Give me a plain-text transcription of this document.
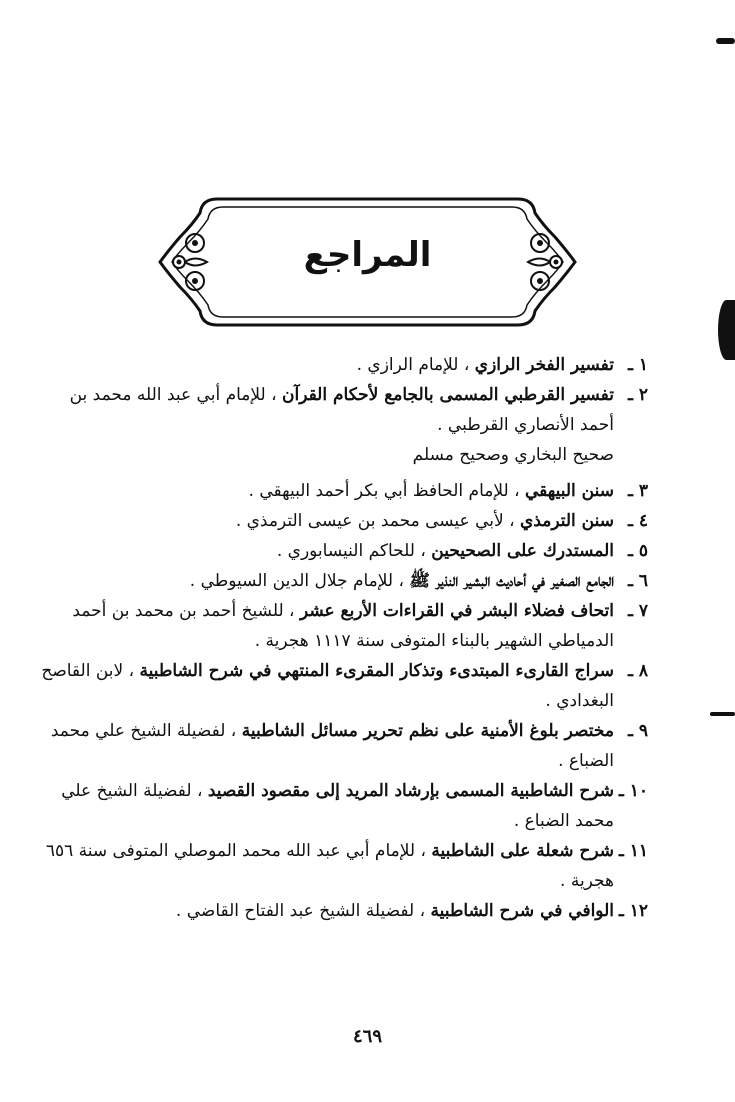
المراجع
١ ـتفسير الفخر الرازي ، للإمام الرازي .
٢ ـتفسير القرطبي المسمى بالجامع لأحكام القرآن ، للإمام أبي عبد الله محمد بن
أحمد الأنصاري القرطبي .
صحيح البخاري وصحيح مسلم
٣ ـسنن البيهقي ، للإمام الحافظ أبي بكر أحمد البيهقي .
٤ ـسنن الترمذي ، لأبي عيسى محمد بن عيسى الترمذي .
٥ ـالمستدرك على الصحيحين ، للحاكم النيسابوري .
٦ ـالجامع الصغير في أحاديث البشير النذير ﷺ ، للإمام جلال الدين السيوطي .
٧ ـاتحاف فضلاء البشر في القراءات الأربع عشر ، للشيخ أحمد بن محمد بن أحمد
الدمياطي الشهير بالبناء المتوفى سنة ١١١٧ هجرية .
٨ ـسراج القارىء المبتدىء وتذكار المقرىء المنتهي في شرح الشاطبية ، لابن القاصح
البغدادي .
٩ ـمختصر بلوغ الأمنية على نظم تحرير مسائل الشاطبية ، لفضيلة الشيخ علي محمد
الضباع .
١٠ ـشرح الشاطبية المسمى بإرشاد المريد إلى مقصود القصيد ، لفضيلة الشيخ علي
محمد الضباع .
١١ ـشرح شعلة على الشاطبية ، للإمام أبي عبد الله محمد الموصلي المتوفى سنة ٦٥٦
هجرية .
١٢ ـالوافي في شرح الشاطبية ، لفضيلة الشيخ عبد الفتاح القاضي .
٤٦٩
